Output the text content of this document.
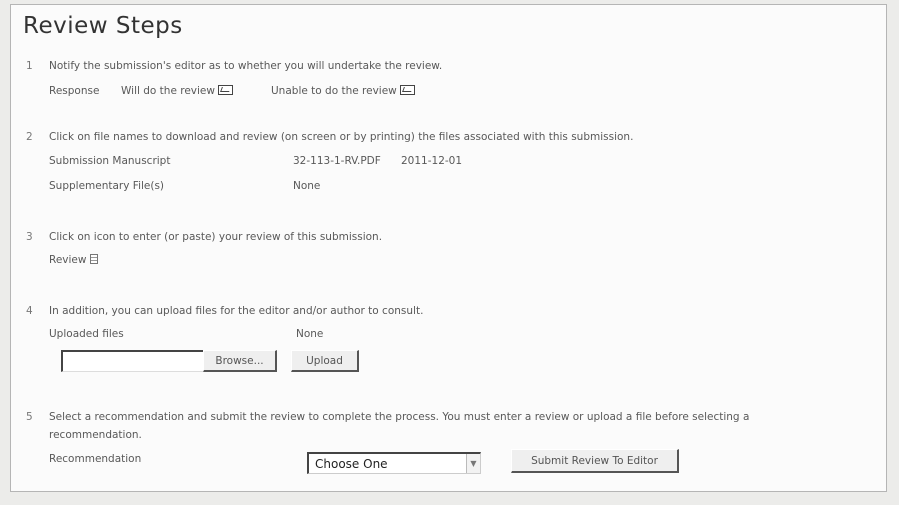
Review Steps
1 Notify the submission's editor as to whether you will undertake the review.
Response Will do the review	Unable to do the review
2 Click on file names to download and review (on screen or by printing) the files associated with this submission.
Submission Manuscript	32-113-1-RV.PDF 2011-12-01
Supplementary File(s)	None
3 Click on icon to enter (or paste) your review of this submission.
Review
4 In addition, you can upload files for the editor and/or author to consult.
Uploaded files	None
Browse...	Upload
5 Select a recommendation and submit the review to complete the process. You must enter a review or upload a file before selecting a
recommendation.
Recommendation	Choose One	▼	Submit Review To Editor
